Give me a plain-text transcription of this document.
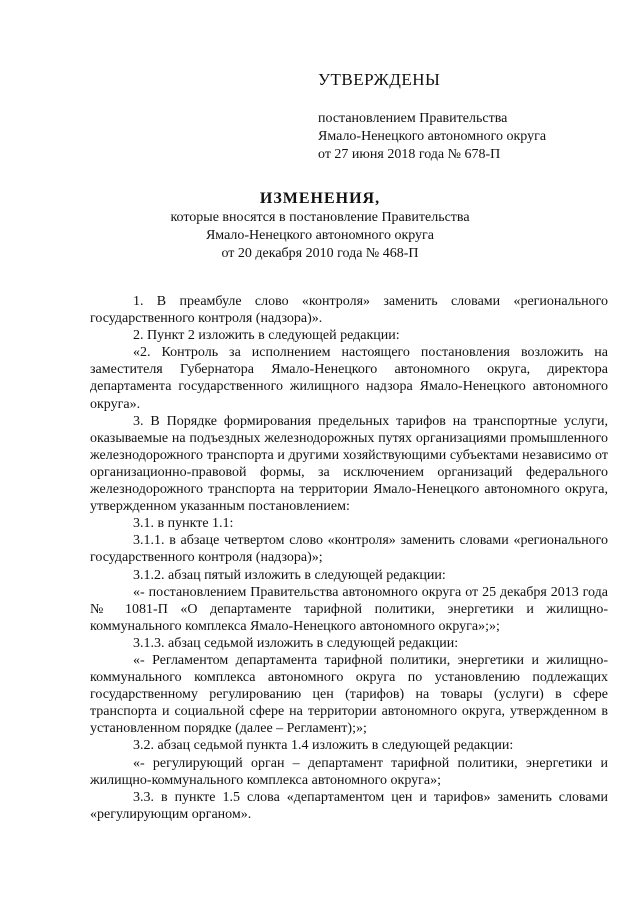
УТВЕРЖДЕНЫ
постановлением Правительства
Ямало-Ненецкого автономного округа
от 27 июня 2018 года № 678-П
ИЗМЕНЕНИЯ,
которые вносятся в постановление Правительства
Ямало-Ненецкого автономного округа
от 20 декабря 2010 года № 468-П

1. В преамбуле слово «контроля» заменить словами «регионального государственного контроля (надзора)».

2. Пункт 2 изложить в следующей редакции:

«2. Контроль за исполнением настоящего постановления возложить на заместителя Губернатора Ямало-Ненецкого автономного округа, директора департамента государственного жилищного надзора Ямало-Ненецкого автономного округа».

3. В Порядке формирования предельных тарифов на транспортные услуги, оказываемые на подъездных железнодорожных путях организациями промышленного железнодорожного транспорта и другими хозяйствующими субъектами независимо от организационно-правовой формы, за исключением организаций федерального железнодорожного транспорта на территории Ямало-Ненецкого автономного округа, утвержденном указанным постановлением:

3.1. в пункте 1.1:

3.1.1. в абзаце четвертом слово «контроля» заменить словами «регионального государственного контроля (надзора)»;

3.1.2. абзац пятый изложить в следующей редакции:

«- постановлением Правительства автономного округа от 25 декабря 2013 года № 1081-П «О департаменте тарифной политики, энергетики и жилищно-коммунального комплекса Ямало-Ненецкого автономного округа»;»;

3.1.3. абзац седьмой изложить в следующей редакции:

«- Регламентом департамента тарифной политики, энергетики и жилищно-коммунального комплекса автономного округа по установлению подлежащих государственному регулированию цен (тарифов) на товары (услуги) в сфере транспорта и социальной сфере на территории автономного округа, утвержденном в установленном порядке (далее – Регламент);»;

3.2. абзац седьмой пункта 1.4 изложить в следующей редакции:

«- регулирующий орган – департамент тарифной политики, энергетики и жилищно-коммунального комплекса автономного округа»;

3.3. в пункте 1.5 слова «департаментом цен и тарифов» заменить словами «регулирующим органом».
